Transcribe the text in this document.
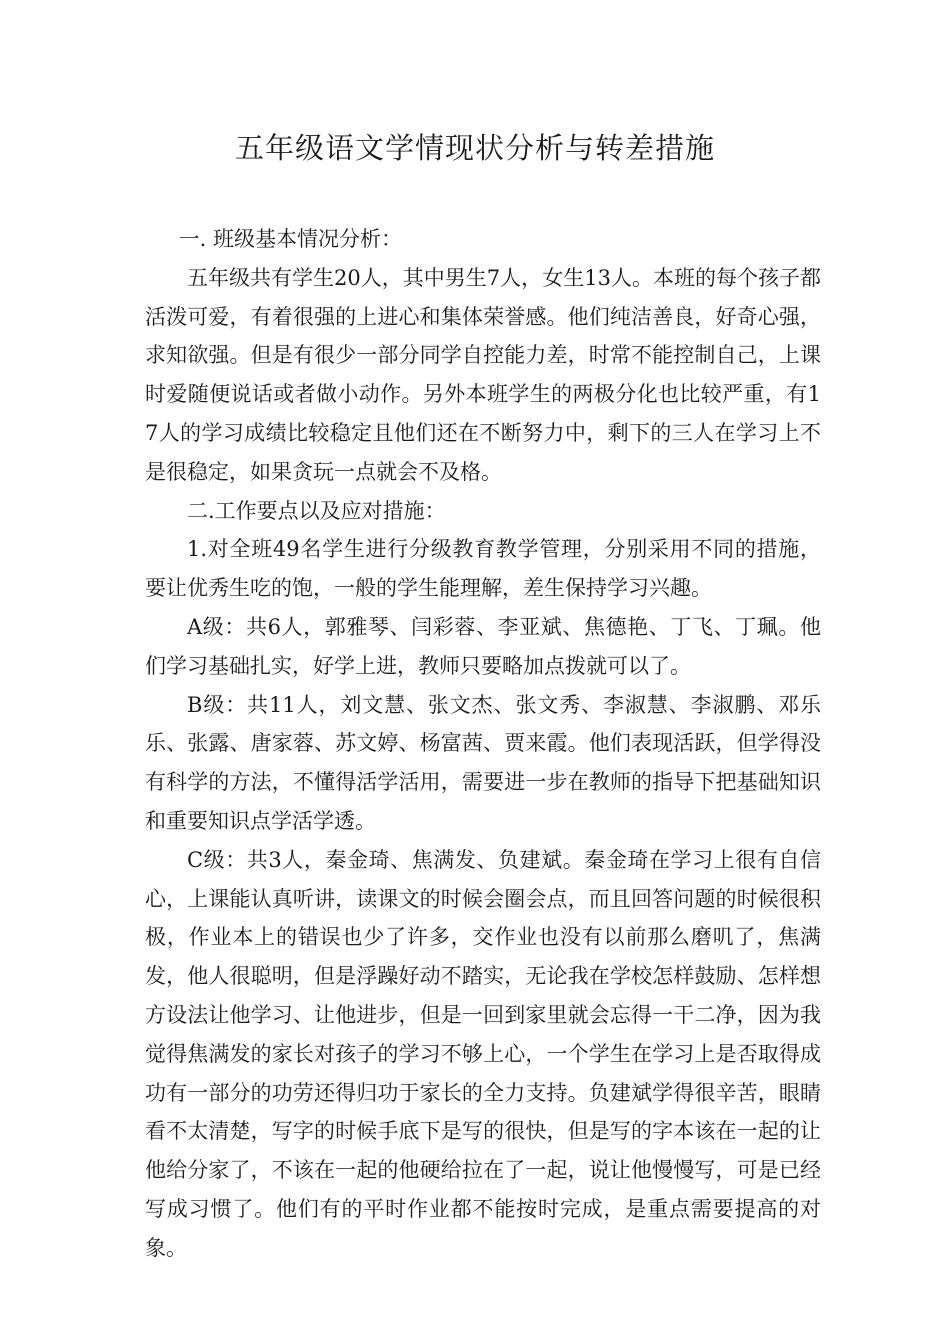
五年级语文学情现状分析与转差措施

一. 班级基本情况分析：

五年级共有学生20人，其中男生7人，女生13人。本班的每个孩子都活泼可爱，有着很强的上进心和集体荣誉感。他们纯洁善良，好奇心强，求知欲强。但是有很少一部分同学自控能力差，时常不能控制自己，上课时爱随便说话或者做小动作。另外本班学生的两极分化也比较严重，有17人的学习成绩比较稳定且他们还在不断努力中，剩下的三人在学习上不是很稳定，如果贪玩一点就会不及格。

二.工作要点以及应对措施：

1.对全班49名学生进行分级教育教学管理，分别采用不同的措施，要让优秀生吃的饱，一般的学生能理解，差生保持学习兴趣。

A级：共6人，郭雅琴、闫彩蓉、李亚斌、焦德艳、丁飞、丁珮。他们学习基础扎实，好学上进，教师只要略加点拨就可以了。

B级：共11人，刘文慧、张文杰、张文秀、李淑慧、李淑鹏、邓乐乐、张露、唐家蓉、苏文婷、杨富茜、贾来霞。他们表现活跃，但学得没有科学的方法，不懂得活学活用，需要进一步在教师的指导下把基础知识和重要知识点学活学透。

C级：共3人，秦金琦、焦满发、负建斌。秦金琦在学习上很有自信心，上课能认真听讲，读课文的时候会圈会点，而且回答问题的时候很积极，作业本上的错误也少了许多，交作业也没有以前那么磨叽了，焦满发，他人很聪明，但是浮躁好动不踏实，无论我在学校怎样鼓励、怎样想方设法让他学习、让他进步，但是一回到家里就会忘得一干二净，因为我觉得焦满发的家长对孩子的学习不够上心，一个学生在学习上是否取得成功有一部分的功劳还得归功于家长的全力支持。负建斌学得很辛苦，眼睛看不太清楚，写字的时候手底下是写的很快，但是写的字本该在一起的让他给分家了，不该在一起的他硬给拉在了一起，说让他慢慢写，可是已经写成习惯了。他们有的平时作业都不能按时完成，是重点需要提高的对象。
